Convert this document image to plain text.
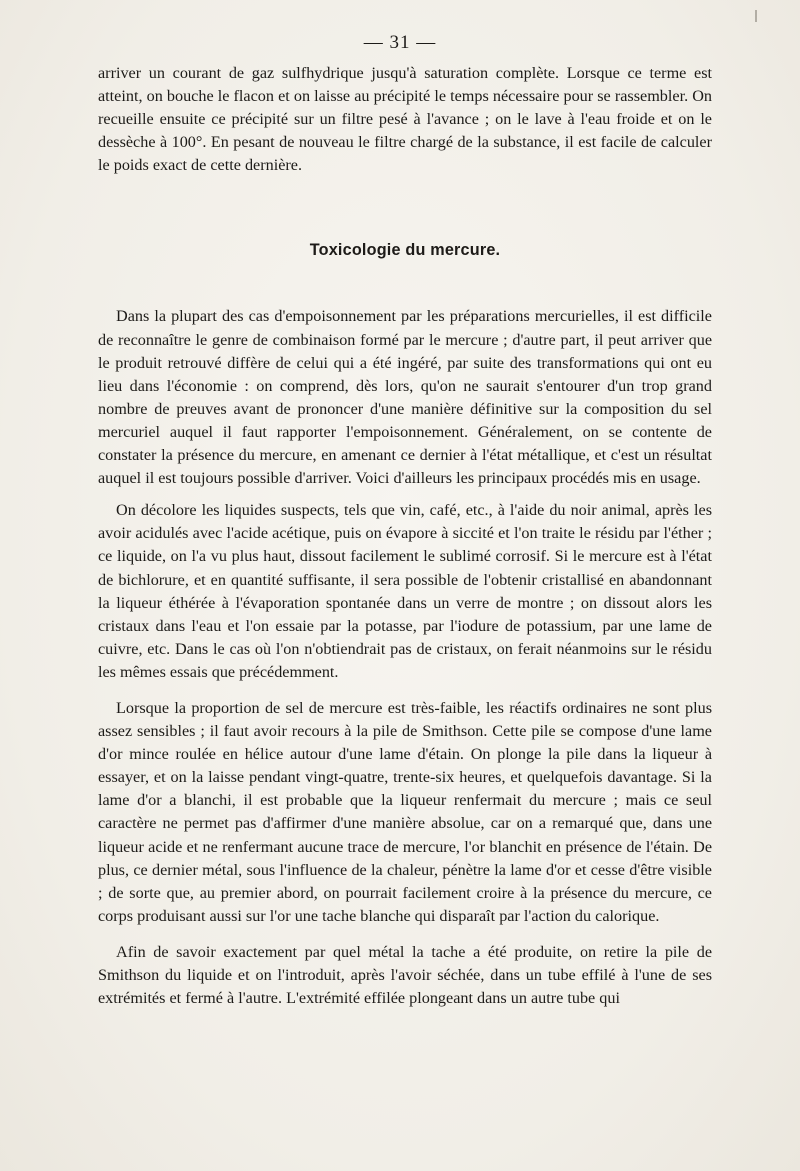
— 31 —

arriver un courant de gaz sulfhydrique jusqu'à saturation complète. Lorsque ce terme est atteint, on bouche le flacon et on laisse au précipité le temps nécessaire pour se rassembler. On recueille ensuite ce précipité sur un filtre pesé à l'avance ; on le lave à l'eau froide et on le dessèche à 100°. En pesant de nouveau le filtre chargé de la substance, il est facile de calculer le poids exact de cette dernière.

Toxicologie du mercure.

Dans la plupart des cas d'empoisonnement par les préparations mercurielles, il est difficile de reconnaître le genre de combinaison formé par le mercure ; d'autre part, il peut arriver que le produit retrouvé diffère de celui qui a été ingéré, par suite des transformations qui ont eu lieu dans l'économie : on comprend, dès lors, qu'on ne saurait s'entourer d'un trop grand nombre de preuves avant de prononcer d'une manière définitive sur la composition du sel mercuriel auquel il faut rapporter l'empoisonnement. Généralement, on se contente de constater la présence du mercure, en amenant ce dernier à l'état métallique, et c'est un résultat auquel il est toujours possible d'arriver. Voici d'ailleurs les principaux procédés mis en usage.

On décolore les liquides suspects, tels que vin, café, etc., à l'aide du noir animal, après les avoir acidulés avec l'acide acétique, puis on évapore à siccité et l'on traite le résidu par l'éther ; ce liquide, on l'a vu plus haut, dissout facilement le sublimé corrosif. Si le mercure est à l'état de bichlorure, et en quantité suffisante, il sera possible de l'obtenir cristallisé en abandonnant la liqueur éthérée à l'évaporation spontanée dans un verre de montre ; on dissout alors les cristaux dans l'eau et l'on essaie par la potasse, par l'iodure de potassium, par une lame de cuivre, etc. Dans le cas où l'on n'obtiendrait pas de cristaux, on ferait néanmoins sur le résidu les mêmes essais que précédemment.

Lorsque la proportion de sel de mercure est très-faible, les réactifs ordinaires ne sont plus assez sensibles ; il faut avoir recours à la pile de Smithson. Cette pile se compose d'une lame d'or mince roulée en hélice autour d'une lame d'étain. On plonge la pile dans la liqueur à essayer, et on la laisse pendant vingt-quatre, trente-six heures, et quelquefois davantage. Si la lame d'or a blanchi, il est probable que la liqueur renfermait du mercure ; mais ce seul caractère ne permet pas d'affirmer d'une manière absolue, car on a remarqué que, dans une liqueur acide et ne renfermant aucune trace de mercure, l'or blanchit en présence de l'étain. De plus, ce dernier métal, sous l'influence de la chaleur, pénètre la lame d'or et cesse d'être visible ; de sorte que, au premier abord, on pourrait facilement croire à la présence du mercure, ce corps produisant aussi sur l'or une tache blanche qui disparaît par l'action du calorique.

Afin de savoir exactement par quel métal la tache a été produite, on retire la pile de Smithson du liquide et on l'introduit, après l'avoir séchée, dans un tube effilé à l'une de ses extrémités et fermé à l'autre. L'extrémité effilée plongeant dans un autre tube qui
